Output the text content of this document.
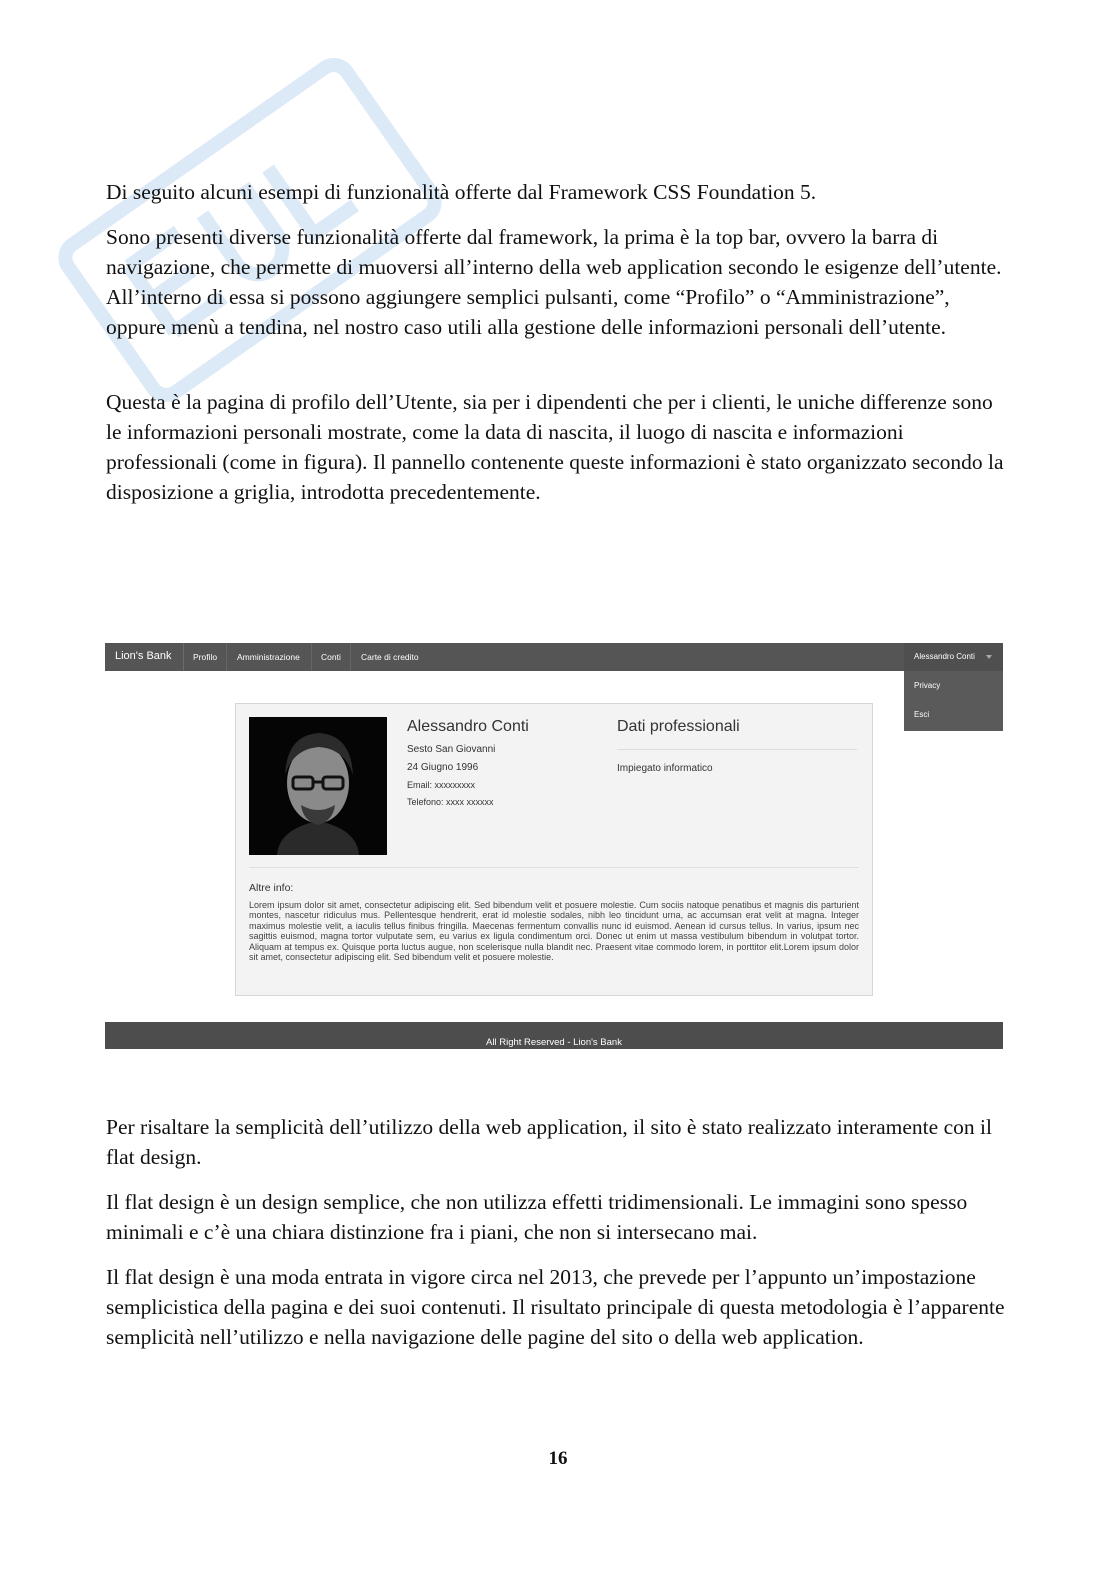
Di seguito alcuni esempi di funzionalità offerte dal Framework CSS Foundation 5.

Sono presenti diverse funzionalità offerte dal framework, la prima è la top bar, ovvero la barra di navigazione, che permette di muoversi all’interno della web application secondo le esigenze dell’utente. All’interno di essa si possono aggiungere semplici pulsanti, come “Profilo” o “Amministrazione”, oppure menù a tendina, nel nostro caso utili alla gestione delle informazioni personali dell’utente.

Questa è la pagina di profilo dell’Utente, sia per i dipendenti che per i clienti, le uniche differenze sono le informazioni personali mostrate, come la data di nascita, il luogo di nascita e informazioni professionali (come in figura). Il pannello contenente queste informazioni è stato organizzato secondo la disposizione a griglia, introdotta precedentemente.

Lion's Bank	Profilo Amministrazione Conti Carte di credito	Alessandro Conti
Privacy
Esci
Alessandro Conti
Sesto San Giovanni
24 Giugno 1996
Email: xxxxxxxxx
Telefono: xxxx xxxxxx
Dati professionali
Impiegato informatico
Altre info:

Lorem ipsum dolor sit amet, consectetur adipiscing elit. Sed bibendum velit et posuere molestie. Cum sociis natoque penatibus et magnis dis parturient montes, nascetur ridiculus mus. Pellentesque hendrerit, erat id molestie sodales, nibh leo tincidunt urna, ac accumsan erat velit at magna. Integer maximus molestie velit, a iaculis tellus finibus fringilla. Maecenas fermentum convallis nunc id euismod. Aenean id cursus tellus. In varius, ipsum nec sagittis euismod, magna tortor vulputate sem, eu varius ex ligula condimentum orci. Donec ut enim ut massa vestibulum bibendum in volutpat tortor. Aliquam at tempus ex. Quisque porta luctus augue, non scelerisque nulla blandit nec. Praesent vitae commodo lorem, in porttitor elit.Lorem ipsum dolor sit amet, consectetur adipiscing elit. Sed bibendum velit et posuere molestie.

All Right Reserved - Lion's Bank

Per risaltare la semplicità dell’utilizzo della web application, il sito è stato realizzato interamente con il flat design.

Il flat design è un design semplice, che non utilizza effetti tridimensionali. Le immagini sono spesso minimali e c’è una chiara distinzione fra i piani, che non si intersecano mai.

Il flat design è una moda entrata in vigore circa nel 2013, che prevede per l’appunto un’impostazione semplicistica della pagina e dei suoi contenuti. Il risultato principale di questa metodologia è l’apparente semplicità nell’utilizzo e nella navigazione delle pagine del sito o della web application.

16
